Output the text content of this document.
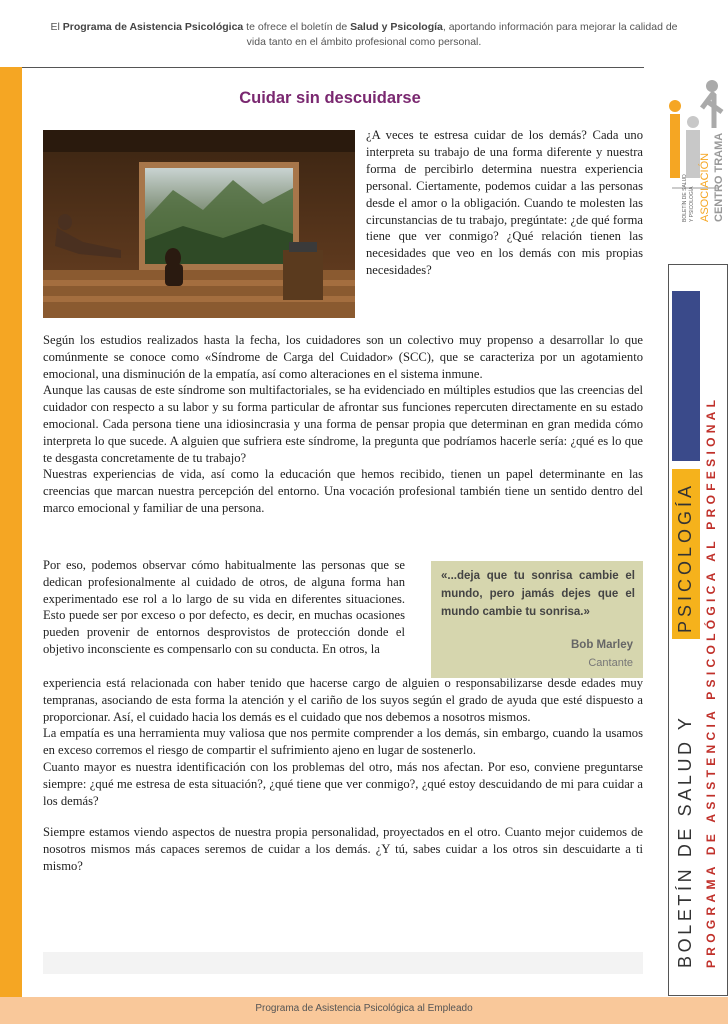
El Programa de Asistencia Psicológica te ofrece el boletín de Salud y Psicología, aportando información para mejorar la calidad de vida tanto en el ámbito profesional como personal.
BOLETÍN DE SALUD Y PSICOLOGÍA ASOCIACIÓN CENTRO TRAMA
BOLETÍN DE SALUD Y
PSICOLOGÍA PROGRAMA DE ASISTENCIA PSICOLÓGICA AL PROFESIONAL
Cuidar sin descuidarse

¿A veces te estresa cuidar de los demás? Cada uno interpreta su trabajo de una forma diferente y nuestra forma de percibirlo determina nuestra experiencia personal. Ciertamente, podemos cuidar a las personas desde el amor o la obligación. Cuando te molesten las circunstancias de tu trabajo, pregúntate: ¿de qué forma tiene que ver conmigo? ¿Qué relación tienen las necesidades que veo en los demás con mis propias necesidades?

Según los estudios realizados hasta la fecha, los cuidadores son un colectivo muy propenso a desarrollar lo que comúnmente se conoce como «Síndrome de Carga del Cuidador» (SCC), que se caracteriza por un agotamiento emocional, una disminución de la empatía, así como alteraciones en el sistema inmune.

Aunque las causas de este síndrome son multifactoriales, se ha evidenciado en múltiples estudios que las creencias del cuidador con respecto a su labor y su forma particular de afrontar sus funciones repercuten directamente en su estado emocional. Cada persona tiene una idiosincrasia y una forma de pensar propia que determinan en gran medida cómo interpreta lo que sucede. A alguien que sufriera este síndrome, la pregunta que podríamos hacerle sería: ¿qué es lo que te desgasta concretamente de tu trabajo?

Nuestras experiencias de vida, así como la educación que hemos recibido, tienen un papel determinante en las creencias que marcan nuestra percepción del entorno. Una vocación profesional también tiene un sentido dentro del marco emocional y familiar de una persona.

Por eso, podemos observar cómo habitualmente las personas que se dedican profesionalmente al cuidado de otros, de alguna forma han experimentado ese rol a lo largo de su vida en diferentes situaciones. Esto puede ser por exceso o por defecto, es decir, en muchas ocasiones pueden provenir de entornos desprovistos de protección donde el objetivo inconsciente es compensarlo con su conducta. En otros, la

«...deja que tu sonrisa cambie el mundo, pero jamás dejes que el mundo cambie tu sonrisa.»
Bob Marley
Cantante

experiencia está relacionada con haber tenido que hacerse cargo de alguien o responsabilizarse desde edades muy tempranas, asociando de esta forma la atención y el cariño de los suyos según el grado de ayuda que esté dispuesto a proporcionar. Así, el cuidado hacia los demás es el cuidado que nos debemos a nosotros mismos.

La empatía es una herramienta muy valiosa que nos permite comprender a los demás, sin embargo, cuando la usamos en exceso corremos el riesgo de compartir el sufrimiento ajeno en lugar de sostenerlo.

Cuanto mayor es nuestra identificación con los problemas del otro, más nos afectan. Por eso, conviene preguntarse siempre: ¿qué me estresa de esta situación?, ¿qué tiene que ver conmigo?, ¿qué estoy descuidando de mi para cuidar a los demás?

Siempre estamos viendo aspectos de nuestra propia personalidad, proyectados en el otro. Cuanto mejor cuidemos de nosotros mismos más capaces seremos de cuidar a los demás. ¿Y tú, sabes cuidar a los otros sin descuidarte a ti mismo?

Programa de Asistencia Psicológica al Empleado
